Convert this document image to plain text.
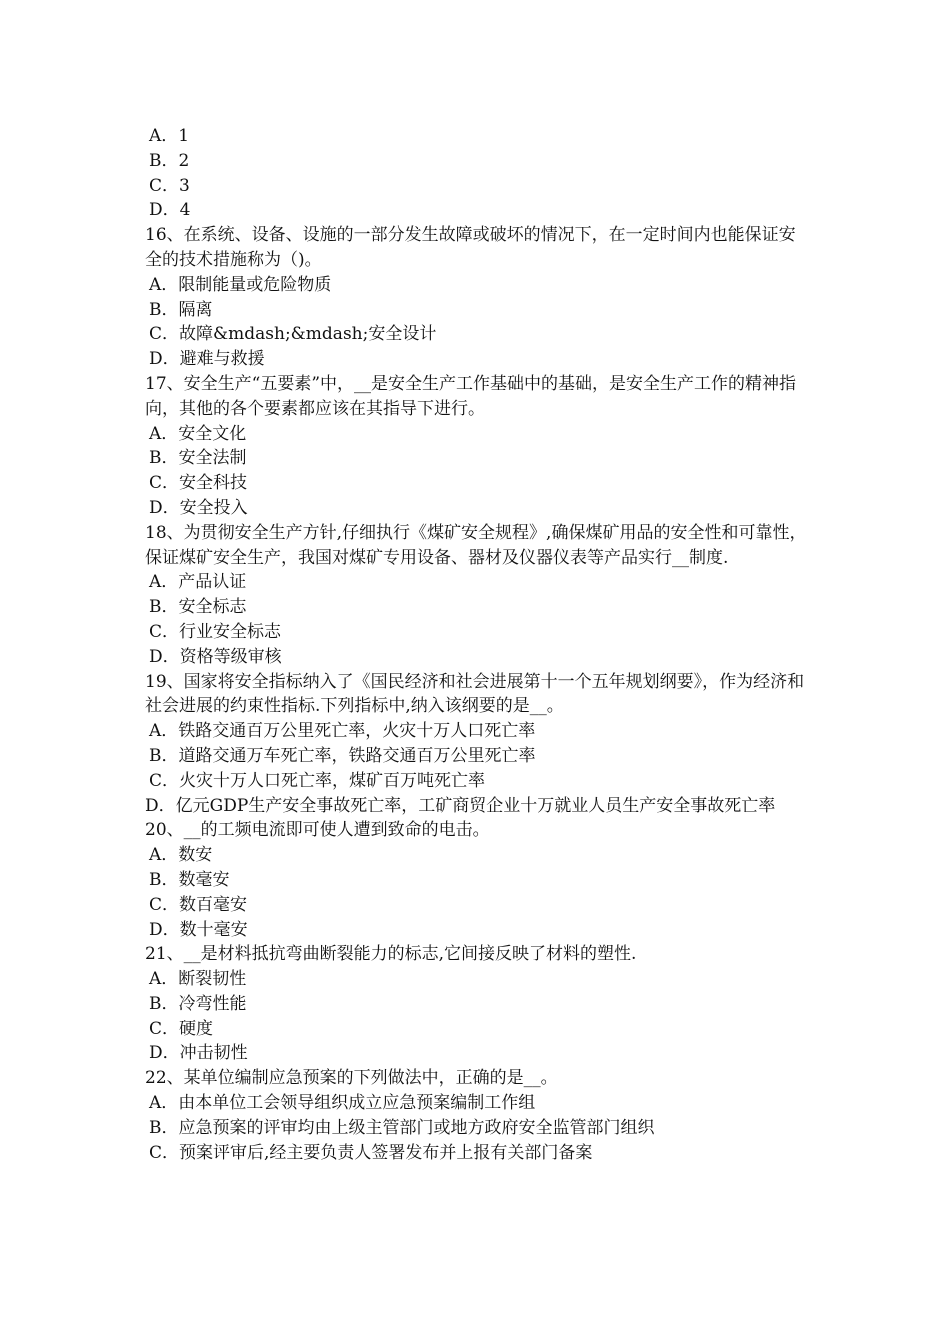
A．1
B．2
C．3
D．4
16、在系统、设备、设施的一部分发生故障或破坏的情况下，在一定时间内也能保证安全的技术措施称为（)。
A．限制能量或危险物质
B．隔离
C．故障&mdash;&mdash;安全设计
D．避难与救援
17、安全生产“五要素”中，__是安全生产工作基础中的基础，是安全生产工作的精神指向，其他的各个要素都应该在其指导下进行。
A．安全文化
B．安全法制
C．安全科技
D．安全投入
18、为贯彻安全生产方针,仔细执行《煤矿安全规程》,确保煤矿用品的安全性和可靠性，保证煤矿安全生产，我国对煤矿专用设备、器材及仪器仪表等产品实行__制度.
A．产品认证
B．安全标志
C．行业安全标志
D．资格等级审核
19、国家将安全指标纳入了《国民经济和社会进展第十一个五年规划纲要》，作为经济和社会进展的约束性指标.下列指标中,纳入该纲要的是__。
A．铁路交通百万公里死亡率，火灾十万人口死亡率
B．道路交通万车死亡率，铁路交通百万公里死亡率
C．火灾十万人口死亡率，煤矿百万吨死亡率
D．亿元GDP生产安全事故死亡率，工矿商贸企业十万就业人员生产安全事故死亡率
20、__的工频电流即可使人遭到致命的电击。
A．数安
B．数毫安
C．数百毫安
D．数十毫安
21、__是材料抵抗弯曲断裂能力的标志,它间接反映了材料的塑性.
A．断裂韧性
B．冷弯性能
C．硬度
D．冲击韧性
22、某单位编制应急预案的下列做法中，正确的是__。
A．由本单位工会领导组织成立应急预案编制工作组
B．应急预案的评审均由上级主管部门或地方政府安全监管部门组织
C．预案评审后,经主要负责人签署发布并上报有关部门备案
